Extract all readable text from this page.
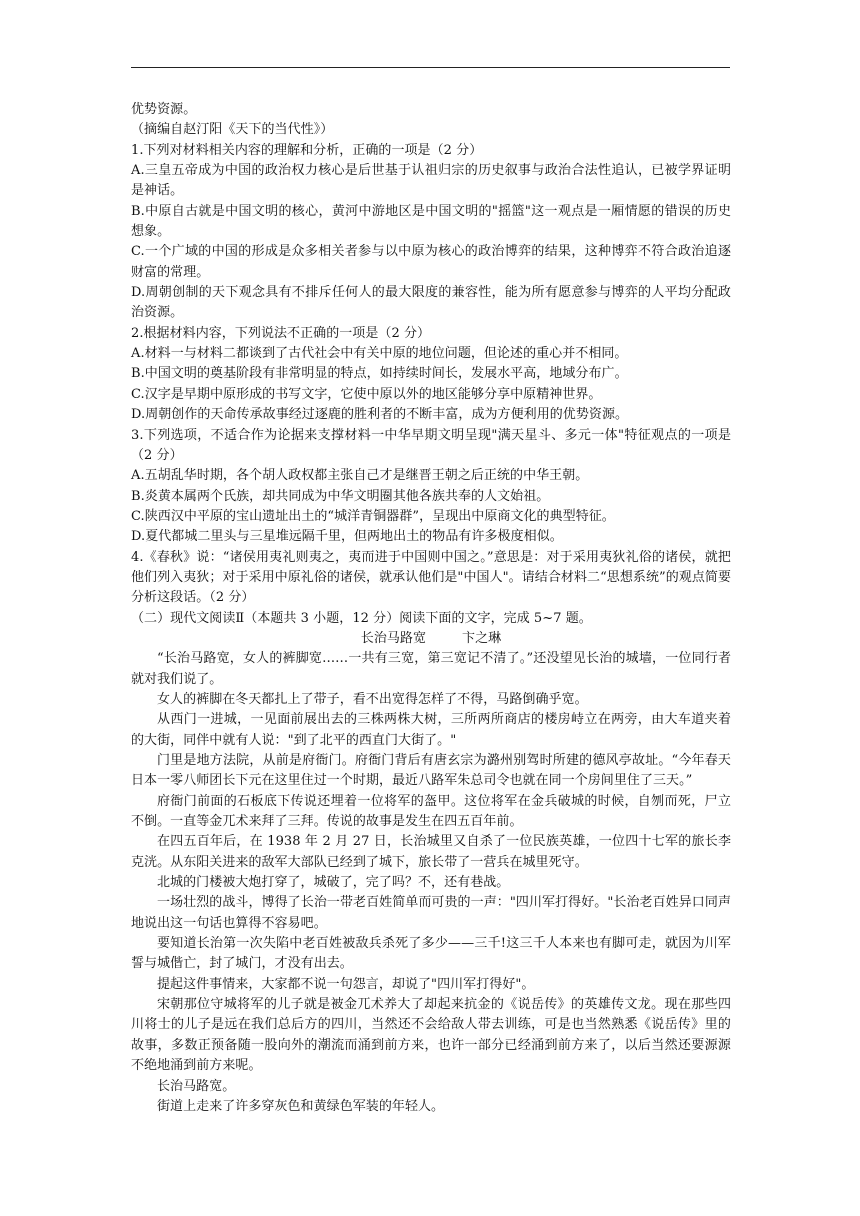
优势资源。

（摘编自赵汀阳《天下的当代性》）

1.下列对材料相关内容的理解和分析，正确的一项是（2 分）

A.三皇五帝成为中国的政治权力核心是后世基于认祖归宗的历史叙事与政治合法性追认，已被学界证明是神话。

B.中原自古就是中国文明的核心，黄河中游地区是中国文明的"摇篮"这一观点是一厢情愿的错误的历史想象。

C.一个广域的中国的形成是众多相关者参与以中原为核心的政治博弈的结果，这种博弈不符合政治追逐财富的常理。

D.周朝创制的天下观念具有不排斥任何人的最大限度的兼容性，能为所有愿意参与博弈的人平均分配政治资源。

2.根据材料内容，下列说法不正确的一项是（2 分）

A.材料一与材料二都谈到了古代社会中有关中原的地位问题，但论述的重心并不相同。

B.中国文明的奠基阶段有非常明显的特点，如持续时间长，发展水平高，地域分布广。

C.汉字是早期中原形成的书写文字，它使中原以外的地区能够分享中原精神世界。

D.周朝创作的天命传承故事经过逐鹿的胜利者的不断丰富，成为方便利用的优势资源。

3.下列选项，不适合作为论据来支撑材料一中华早期文明呈现"满天星斗、多元一体"特征观点的一项是（2 分）

A.五胡乱华时期，各个胡人政权都主张自己才是继晋王朝之后正统的中华王朝。

B.炎黄本属两个氏族，却共同成为中华文明圈其他各族共奉的人文始祖。

C.陕西汉中平原的宝山遗址出土的“城洋青铜器群”，呈现出中原商文化的典型特征。

D.夏代都城二里头与三星堆远隔千里，但两地出土的物品有许多极度相似。

4.《春秋》说：“诸侯用夷礼则夷之，夷而进于中国则中国之。”意思是：对于采用夷狄礼俗的诸侯，就把他们列入夷狄；对于采用中原礼俗的诸侯，就承认他们是"中国人"。请结合材料二“思想系统”的观点简要分析这段话。（2 分）

（二）现代文阅读Ⅱ（本题共 3 小题，12 分）阅读下面的文字，完成 5~7 题。

长治马路宽	卞之琳

“长治马路宽，女人的裤脚宽……一共有三宽，第三宽记不清了。”还没望见长治的城墙，一位同行者就对我们说了。

女人的裤脚在冬天都扎上了带子，看不出宽得怎样了不得，马路倒确乎宽。

从西门一进城，一见面前展出去的三株两株大树，三所两所商店的楼房峙立在两旁，由大车道夹着的大街，同伴中就有人说："到了北平的西直门大街了。"

门里是地方法院，从前是府衙门。府衙门背后有唐玄宗为潞州别驾时所建的德风亭故址。“今年春天日本一零八师团长下元在这里住过一个时期，最近八路军朱总司令也就在同一个房间里住了三天。”

府衙门前面的石板底下传说还埋着一位将军的盔甲。这位将军在金兵破城的时候，自刎而死，尸立不倒。一直等金兀术来拜了三拜。传说的故事是发生在四五百年前。

在四五百年后，在 1938 年 2 月 27 日，长治城里又自杀了一位民族英雄，一位四十七军的旅长李克洸。从东阳关进来的敌军大部队已经到了城下，旅长带了一营兵在城里死守。

北城的门楼被大炮打穿了，城破了，完了吗？不，还有巷战。

一场壮烈的战斗，博得了长治一带老百姓简单而可贵的一声："四川军打得好。"长治老百姓异口同声地说出这一句话也算得不容易吧。

要知道长治第一次失陷中老百姓被敌兵杀死了多少——三千!这三千人本来也有脚可走，就因为川军誓与城偕亡，封了城门，才没有出去。

提起这件事情来，大家都不说一句怨言，却说了"四川军打得好"。

宋朝那位守城将军的儿子就是被金兀术养大了却起来抗金的《说岳传》的英雄传文龙。现在那些四川将士的儿子是远在我们总后方的四川，当然还不会给敌人带去训练，可是也当然熟悉《说岳传》里的故事，多数正预备随一股向外的潮流而涌到前方来，也许一部分已经涌到前方来了，以后当然还要源源不绝地涌到前方来呢。

长治马路宽。

街道上走来了许多穿灰色和黄绿色军装的年轻人。
